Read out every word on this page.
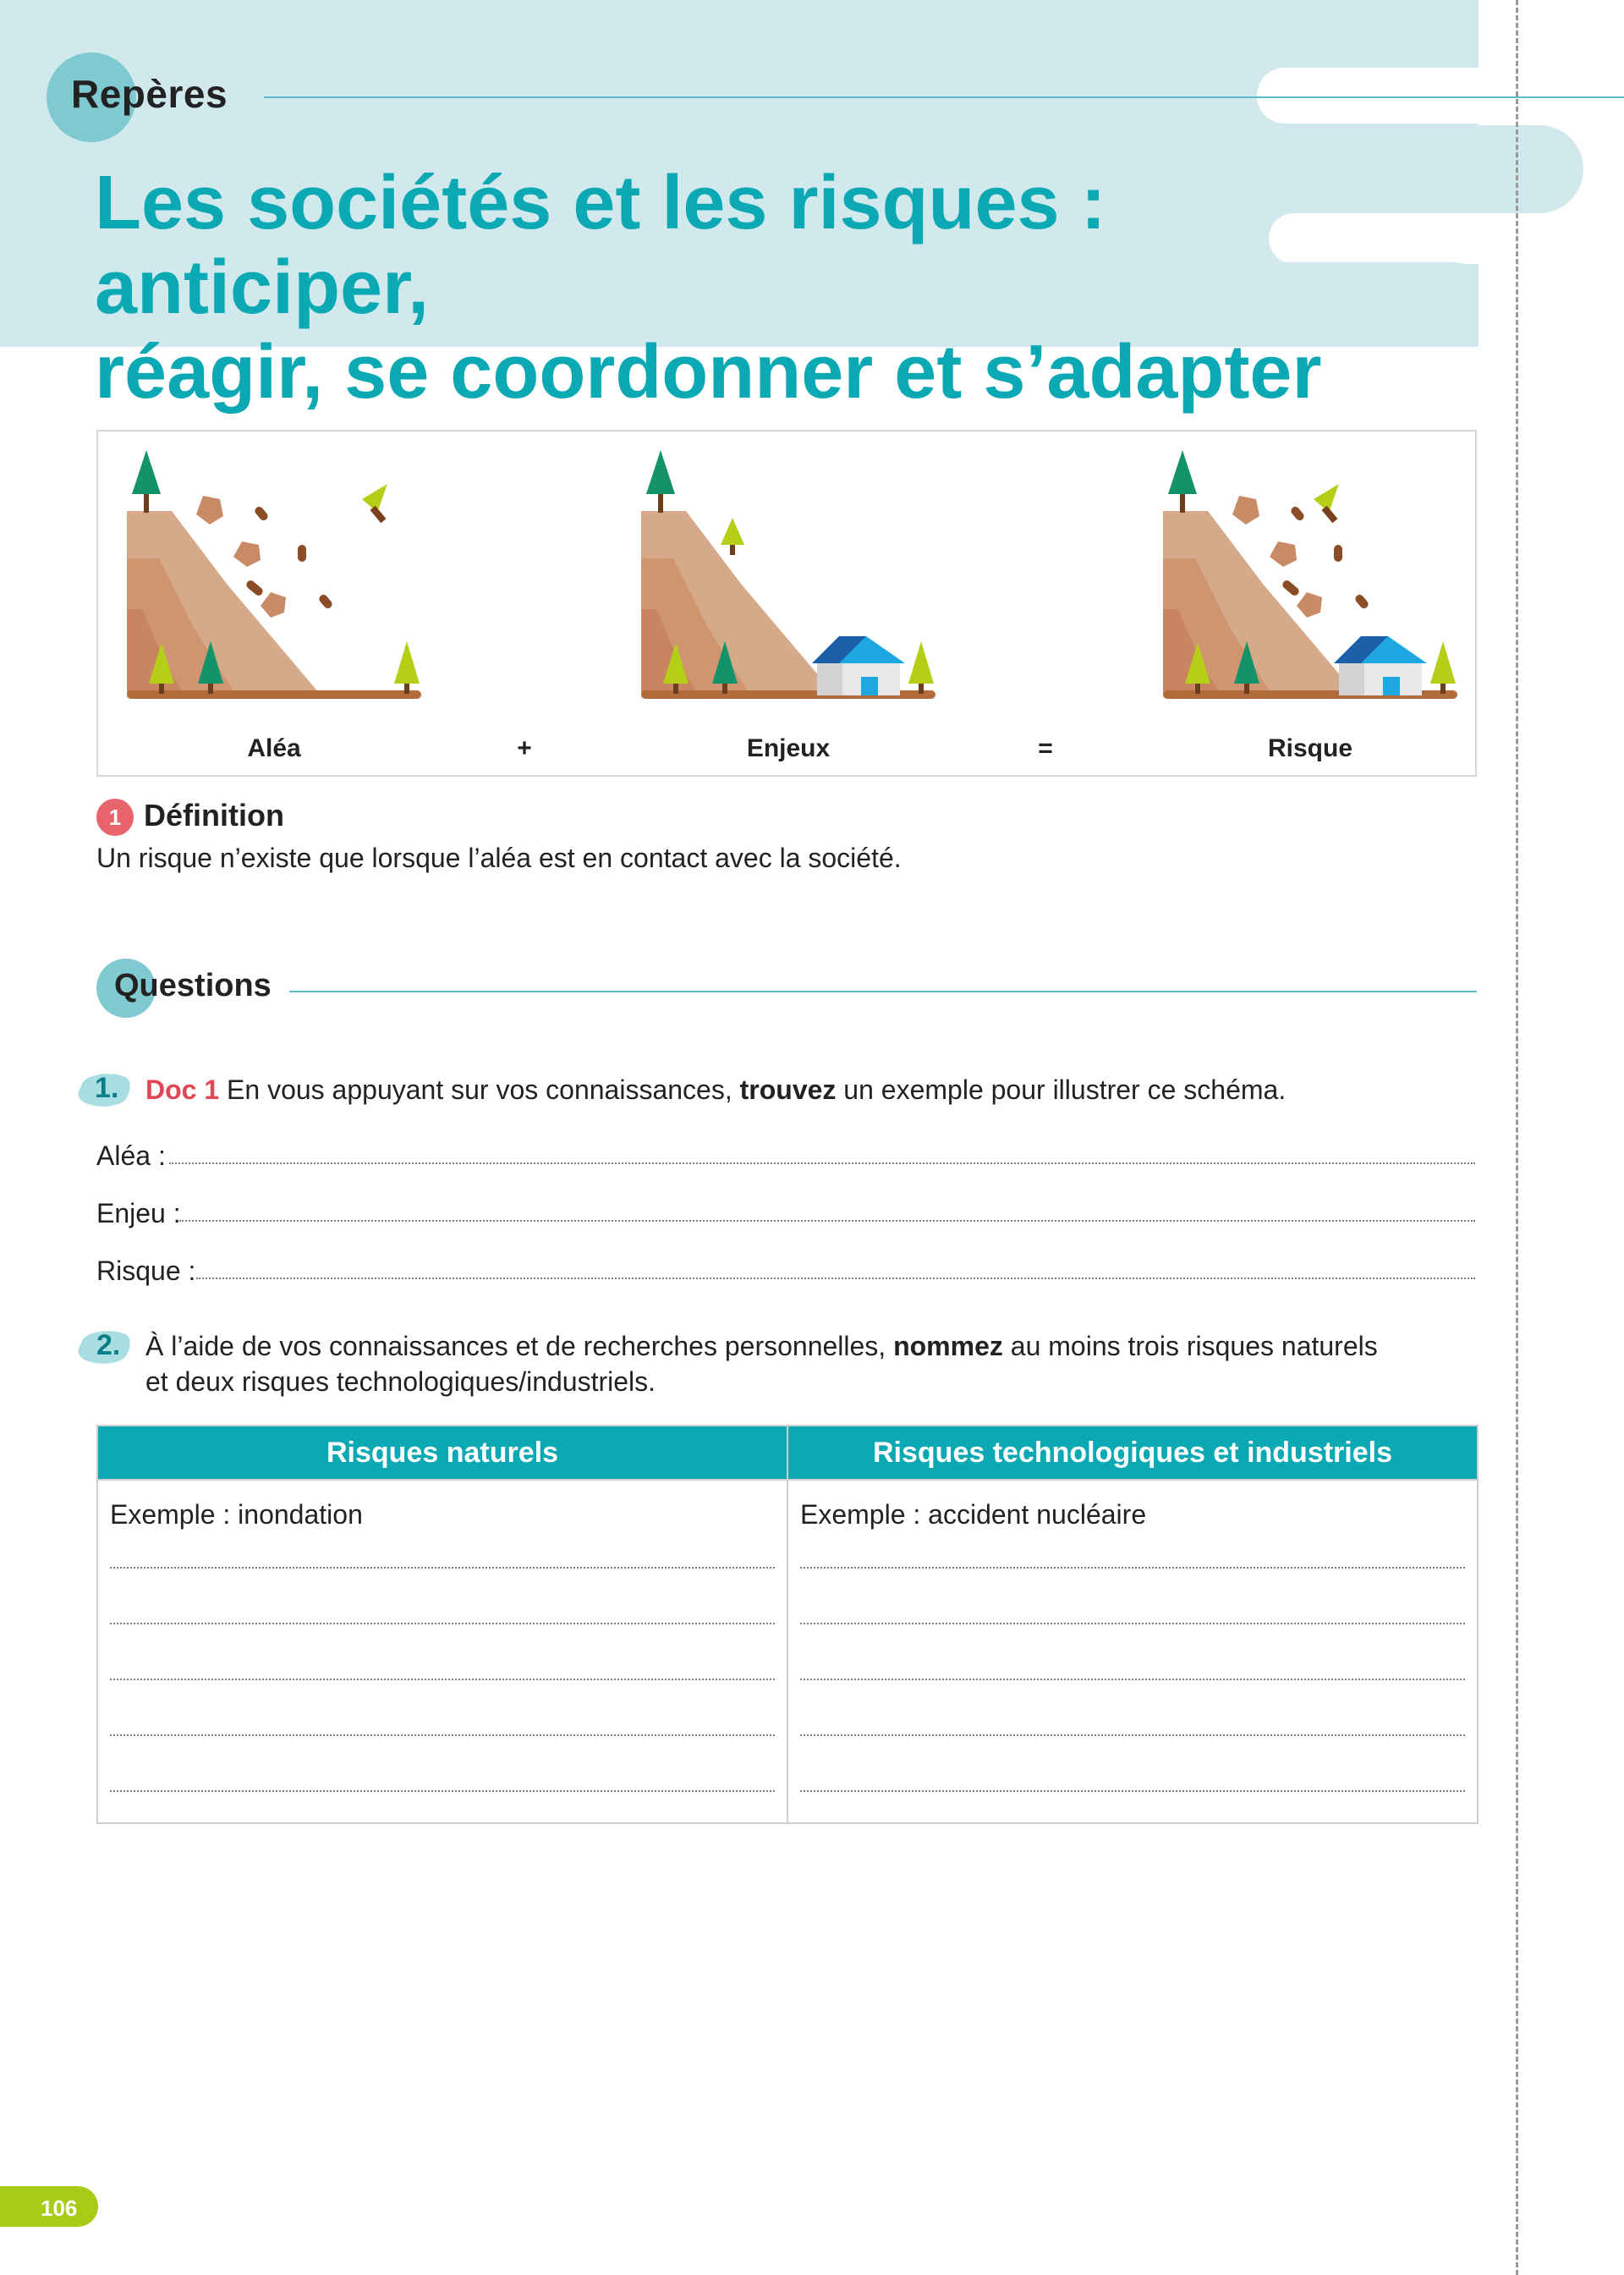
Repères
Les sociétés et les risques : anticiper,
réagir, se coordonner et s’adapter
Aléa	+	Enjeux	=	Risque
1 Définition
Un risque n’existe que lorsque l’aléa est en contact avec la société.
Questions
1. Doc 1 En vous appuyant sur vos connaissances, trouvez un exemple pour illustrer ce schéma.
Aléa :
Enjeu :
Risque :
2. À l’aide de vos connaissances et de recherches personnelles, nommez au moins trois risques naturels
et deux risques technologiques/industriels.
Risques naturels	Risques technologiques et industriels

Exemple : inondation	Exemple : accident nucléaire
106
